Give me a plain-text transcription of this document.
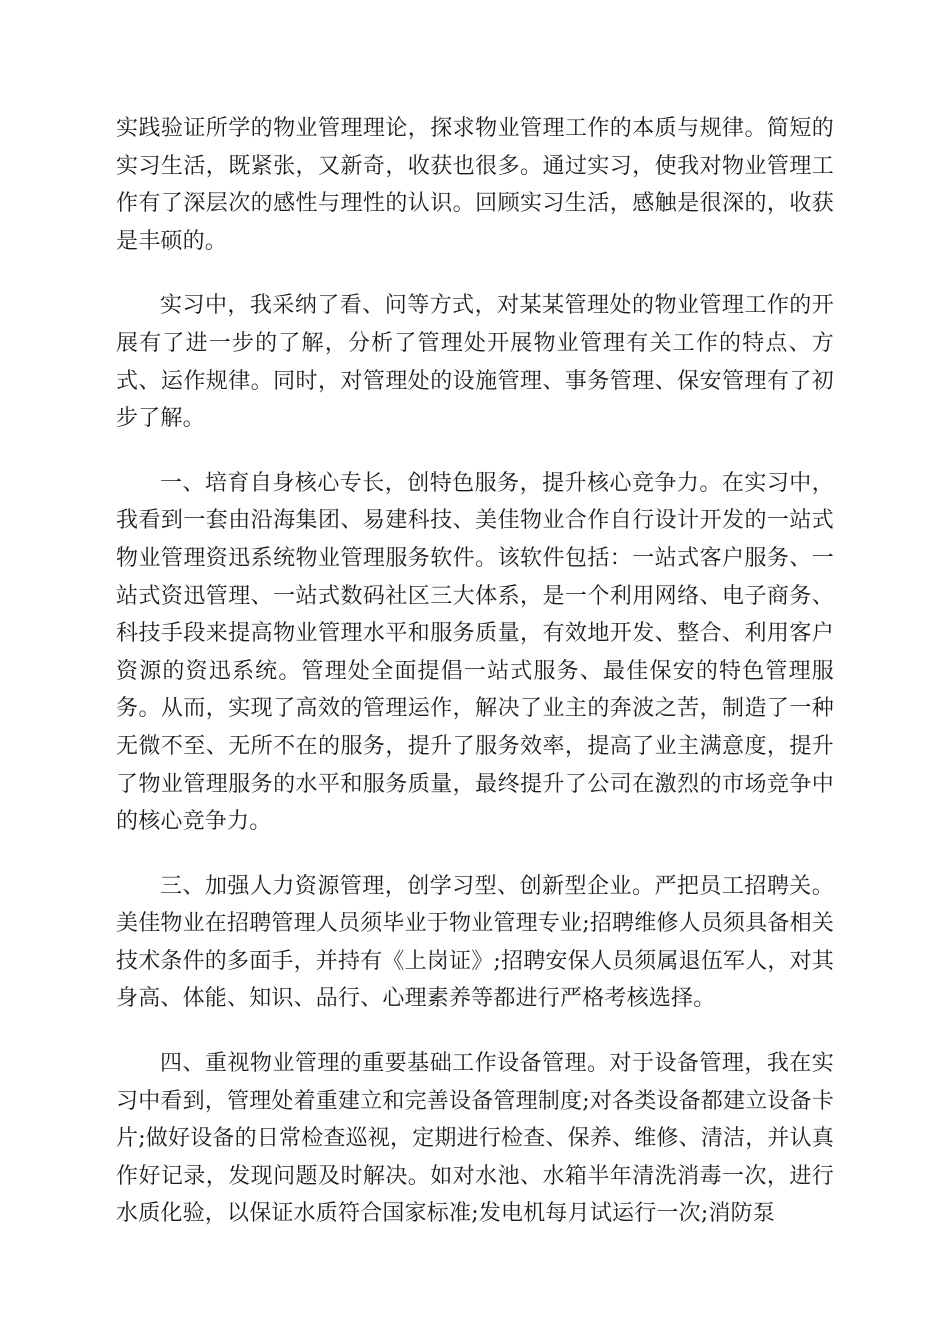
实践验证所学的物业管理理论，探求物业管理工作的本质与规律。简短的实习生活，既紧张，又新奇，收获也很多。通过实习，使我对物业管理工作有了深层次的感性与理性的认识。回顾实习生活，感触是很深的，收获是丰硕的。

实习中，我采纳了看、问等方式，对某某管理处的物业管理工作的开展有了进一步的了解，分析了管理处开展物业管理有关工作的特点、方式、运作规律。同时，对管理处的设施管理、事务管理、保安管理有了初步了解。

一、培育自身核心专长，创特色服务，提升核心竞争力。在实习中，我看到一套由沿海集团、易建科技、美佳物业合作自行设计开发的一站式物业管理资迅系统物业管理服务软件。该软件包括：一站式客户服务、一站式资迅管理、一站式数码社区三大体系，是一个利用网络、电子商务、科技手段来提高物业管理水平和服务质量，有效地开发、整合、利用客户资源的资迅系统。管理处全面提倡一站式服务、最佳保安的特色管理服务。从而，实现了高效的管理运作，解决了业主的奔波之苦，制造了一种无微不至、无所不在的服务，提升了服务效率，提高了业主满意度，提升了物业管理服务的水平和服务质量，最终提升了公司在激烈的市场竞争中的核心竞争力。

三、加强人力资源管理，创学习型、创新型企业。严把员工招聘关。美佳物业在招聘管理人员须毕业于物业管理专业;招聘维修人员须具备相关技术条件的多面手，并持有《上岗证》;招聘安保人员须属退伍军人，对其身高、体能、知识、品行、心理素养等都进行严格考核选择。

四、重视物业管理的重要基础工作设备管理。对于设备管理，我在实习中看到，管理处着重建立和完善设备管理制度;对各类设备都建立设备卡片;做好设备的日常检查巡视，定期进行检查、保养、维修、清洁，并认真作好记录，发现问题及时解决。如对水池、水箱半年清洗消毒一次，进行水质化验，以保证水质符合国家标准;发电机每月试运行一次;消防泵
